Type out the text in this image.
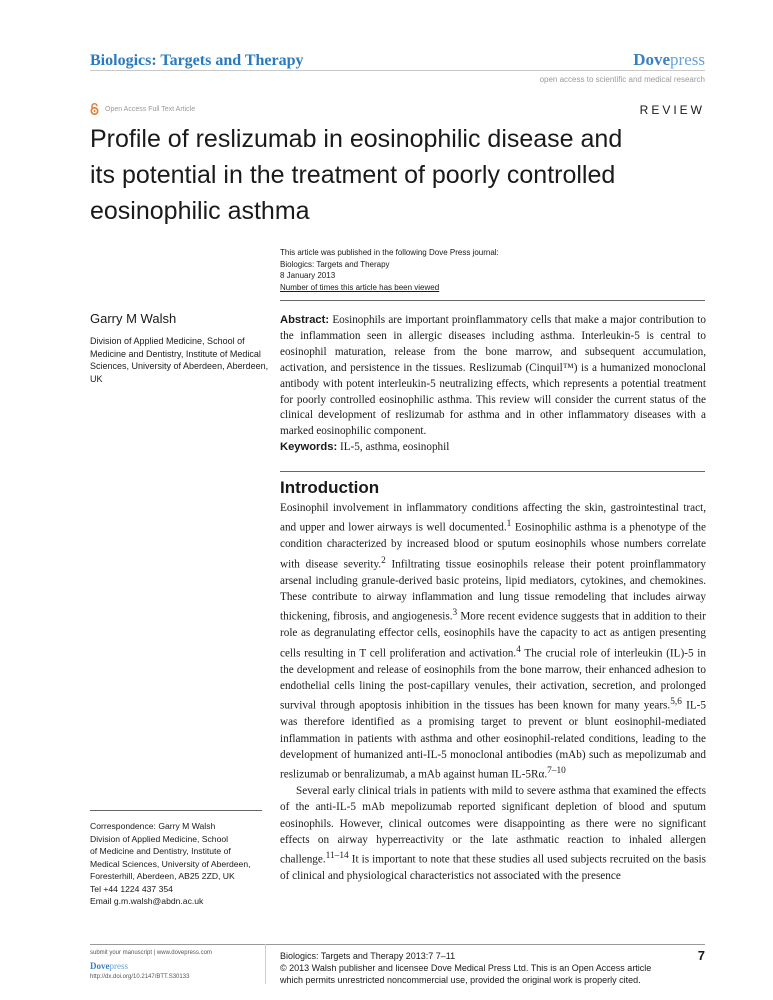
Biologics: Targets and Therapy	Dovepress
open access to scientific and medical research
Open Access Full Text Article	REVIEW
Profile of reslizumab in eosinophilic disease and its potential in the treatment of poorly controlled eosinophilic asthma
This article was published in the following Dove Press journal:
Biologics: Targets and Therapy
8 January 2013
Number of times this article has been viewed
Garry M Walsh
Division of Applied Medicine, School of Medicine and Dentistry, Institute of Medical Sciences, University of Aberdeen, Aberdeen, UK
Abstract: Eosinophils are important proinflammatory cells that make a major contribution to the inflammation seen in allergic diseases including asthma. Interleukin-5 is central to eosinophil maturation, release from the bone marrow, and subsequent accumulation, activation, and persistence in the tissues. Reslizumab (Cinquil™) is a humanized monoclonal antibody with potent interleukin-5 neutralizing effects, which represents a potential treatment for poorly controlled eosinophilic asthma. This review will consider the current status of the clinical development of reslizumab for asthma and in other inflammatory diseases with a marked eosinophilic component.
Keywords: IL-5, asthma, eosinophil
Introduction

Eosinophil involvement in inflammatory conditions affecting the skin, gastrointestinal tract, and upper and lower airways is well documented.$^1$ Eosinophilic asthma is a phenotype of the condition characterized by increased blood or sputum eosinophils whose numbers correlate with disease severity.$^2$ Infiltrating tissue eosinophils release their potent proinflammatory arsenal including granule-derived basic proteins, lipid mediators, cytokines, and chemokines. These contribute to airway inflammation and lung tissue remodeling that includes airway thickening, fibrosis, and angiogenesis.$^3$ More recent evidence suggests that in addition to their role as degranulating effector cells, eosinophils have the capacity to act as antigen presenting cells resulting in T cell proliferation and activation.$^4$ The crucial role of interleukin (IL)-5 in the development and release of eosinophils from the bone marrow, their enhanced adhesion to endothelial cells lining the post-capillary venules, their activation, secretion, and prolonged survival through apoptosis inhibition in the tissues has been known for many years.$^{5,6}$ IL-5 was therefore identified as a promising target to prevent or blunt eosinophil-mediated inflammation in patients with asthma and other eosinophil-related conditions, leading to the development of humanized anti-IL-5 monoclonal antibodies (mAb) such as mepolizumab and reslizumab or benralizumab, a mAb against human IL-5Rα.$^{7-10}$

Several early clinical trials in patients with mild to severe asthma that examined the effects of the anti-IL-5 mAb mepolizumab reported significant depletion of blood and sputum eosinophils. However, clinical outcomes were disappointing as there were no significant effects on airway hyperreactivity or the late asthmatic reaction to inhaled allergen challenge.$^{11-14}$ It is important to note that these studies all used subjects recruited on the basis of clinical and physiological characteristics not associated with the presence

Correspondence: Garry M Walsh
Division of Applied Medicine, School
of Medicine and Dentistry, Institute of
Medical Sciences, University of Aberdeen,
Foresterhill, Aberdeen, AB25 2ZD, UK
Tel +44 1224 437 354
Email g.m.walsh@abdn.ac.uk
submit your manuscript | www.dovepress.com
Dovepress
http://dx.doi.org/10.2147/BTT.S30133
Biologics: Targets and Therapy 2013:7 7–11
© 2013 Walsh publisher and licensee Dove Medical Press Ltd. This is an Open Access article
which permits unrestricted noncommercial use, provided the original work is properly cited.
7
